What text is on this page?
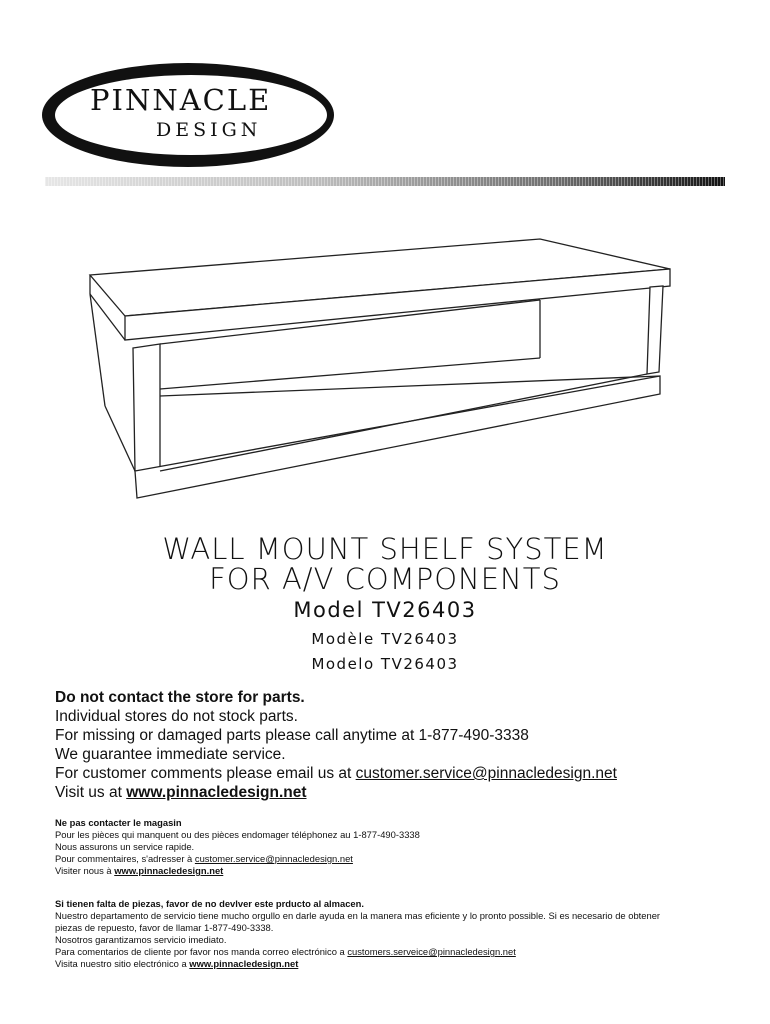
PINNACLE
DESIGN
WALL MOUNT SHELF SYSTEM
FOR A/V COMPONENTS
Model TV26403
Modèle TV26403
Modelo TV26403
Do not contact the store for parts.
Individual stores do not stock parts.
For missing or damaged parts please call anytime at 1-877-490-3338
We guarantee immediate service.
For customer comments please email us at customer.service@pinnacledesign.net
Visit us at www.pinnacledesign.net
Ne pas contacter le magasin
Pour les pièces qui manquent ou des pièces endomager téléphonez au 1-877-490-3338
Nous assurons un service rapide.
Pour commentaires, s'adresser à customer.service@pinnacledesign.net
Visiter nous à www.pinnacledesign.net
Si tienen falta de piezas, favor de no devlver este prducto al almacen.
Nuestro departamento de servicio tiene mucho orgullo en darle ayuda en la manera mas eficiente y lo pronto possible. Si es necesario de obtener
piezas de repuesto, favor de llamar 1-877-490-3338.
Nosotros garantizamos servicio imediato.
Para comentarios de cliente por favor nos manda correo electrónico a customers.serveice@pinnacledesign.net
Visita nuestro sitio electrónico a www.pinnacledesign.net
